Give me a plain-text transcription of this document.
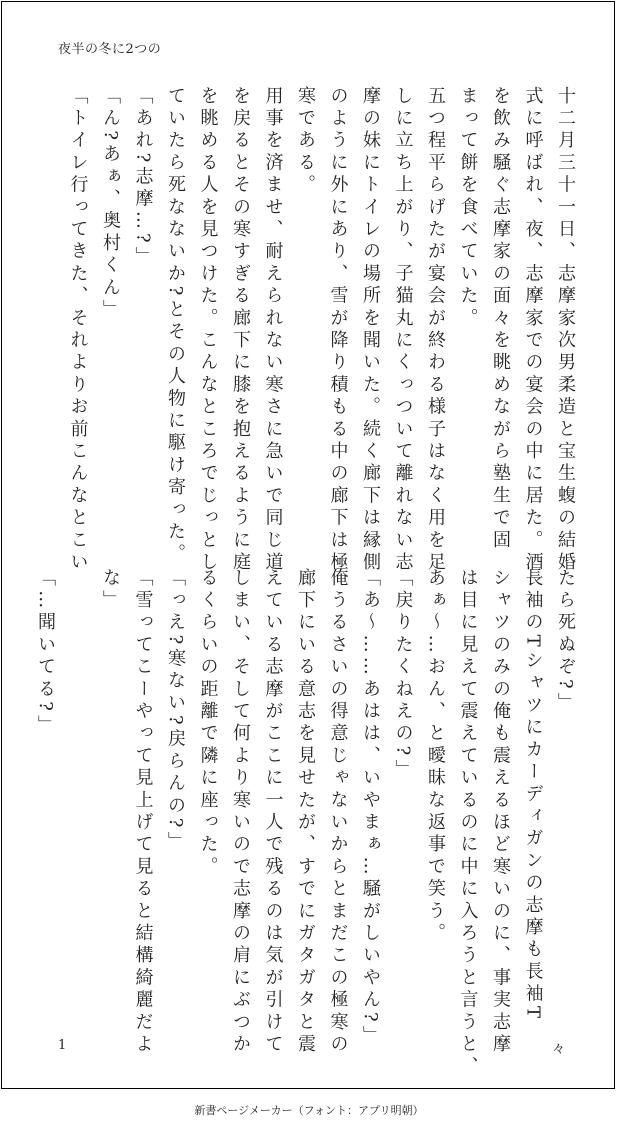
夜半の冬に2つの
十二月三十一日、志摩家次男柔造と宝生蝮の結婚
式に呼ばれ、夜、志摩家での宴会の中に居た。酒
を飲み騒ぐ志摩家の面々を眺めながら塾生で固
まって餅を食べていた。
五つ程平らげたが宴会が終わる様子はなく用を足
しに立ち上がり、子猫丸にくっついて離れない志
摩の妹にトイレの場所を聞いた。続く廊下は縁側
のように外にあり、雪が降り積もる中の廊下は極
寒である。
用事を済ませ、耐えられない寒さに急いで同じ道
を戻るとその寒すぎる廊下に膝を抱えるように庭
を眺める人を見つけた。こんなところでじっとし
ていたら死なないか?とその人物に駆け寄った。
「あれ?志摩…?」
「ん?あぁ、奥村くん」
「トイレ行ってきた、それよりお前こんなとこい
たら死ぬぞ?」
長袖のTシャツにカーディガンの志摩も長袖T
シャツのみの俺も震えるほど寒いのに、事実志摩
は目に見えて震えているのに中に入ろうと言うと、
あぁ～…おん、と曖昧な返事で笑う。
「戻りたくねえの?」
「あ～……あはは、いやまぁ…騒がしいやん?」
俺うるさいの得意じゃないからとまだこの極寒の
廊下にいる意志を見せたが、すでにガタガタと震
えている志摩がここに一人で残るのは気が引けて
しまい、そして何より寒いので志摩の肩にぶつか
るくらいの距離で隣に座った。
「っえ?寒ない?戻らんの?」
「雪ってこーやって見上げて見ると結構綺麗だよ
な」
「…聞いてる?」
1	々
新書ページメーカー（フォント：アプリ明朝）
